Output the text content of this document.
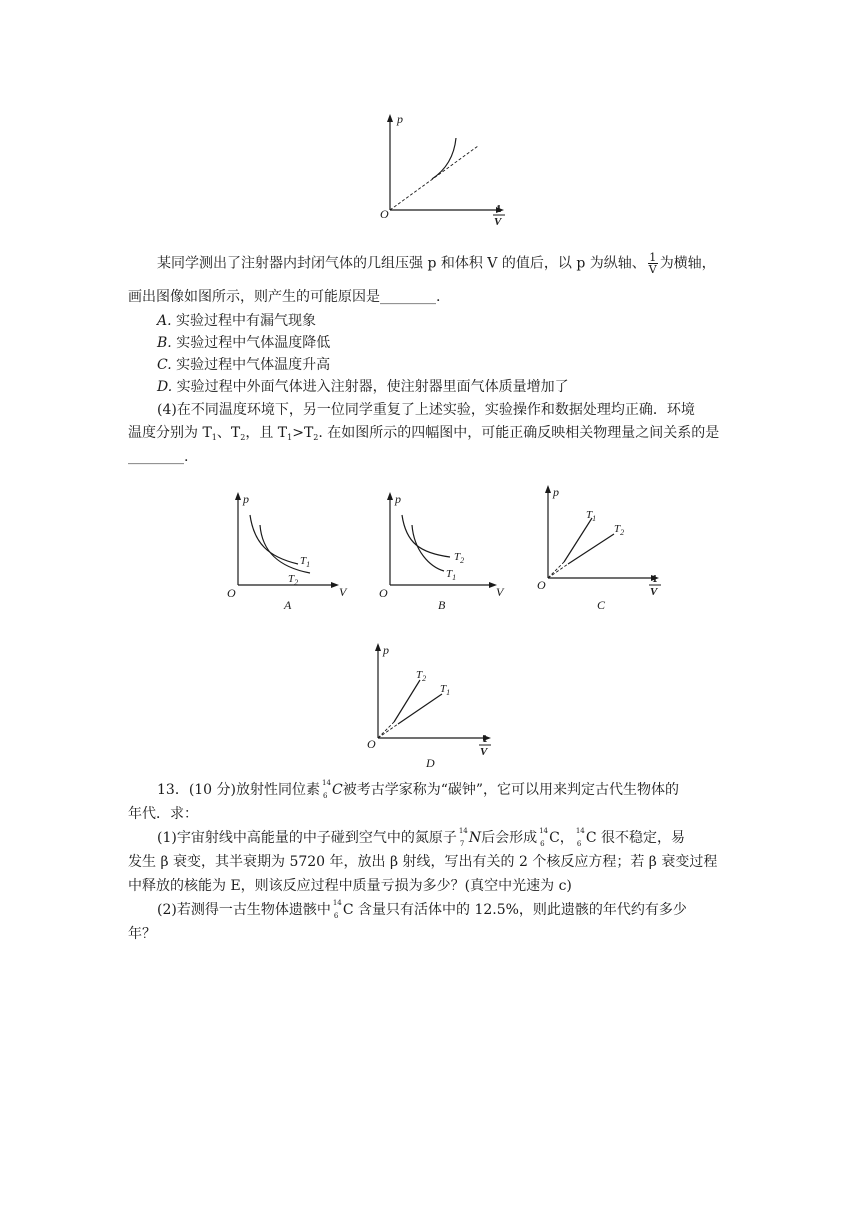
p
O	1
V
某同学测出了注射器内封闭气体的几组压强 p 和体积 V 的值后，以 p 为纵轴、 $\frac{1}{V}$ 为横轴，
画出图像如图所示，则产生的可能原因是________.
A. 实验过程中有漏气现象
B. 实验过程中气体温度降低
C. 实验过程中气体温度升高
D. 实验过程中外面气体进入注射器，使注射器里面气体质量增加了
(4)在不同温度环境下，另一位同学重复了上述实验，实验操作和数据处理均正确．环境
温度分别为 $T_1$、$T_2$，且 $T_1>T_2$. 在如图所示的四幅图中，可能正确反映相关物理量之间关系的是
________.
p
O	V
$T_1$
$T_2$
A
p
O	V
$T_2$
$T_1$
B
p
O	1
V
$T_1$
$T_2$
C
p
O	1
V
$T_2$
$T_1$
D
13．(10 分)放射性同位素 14
6 C被考古学家称为“碳钟”，它可以用来判定古代生物体的
年代．求：
(1)宇宙射线中高能量的中子碰到空气中的氮原子 14
7 N后会形成 14
6 C， 14
6 C 很不稳定，易
发生 β 衰变，其半衰期为 5720 年，放出 β 射线，写出有关的 2 个核反应方程；若 β 衰变过程
中释放的核能为 E，则该反应过程中质量亏损为多少？(真空中光速为 c)
(2)若测得一古生物体遗骸中 14
6 C 含量只有活体中的 12.5%，则此遗骸的年代约有多少
年？
